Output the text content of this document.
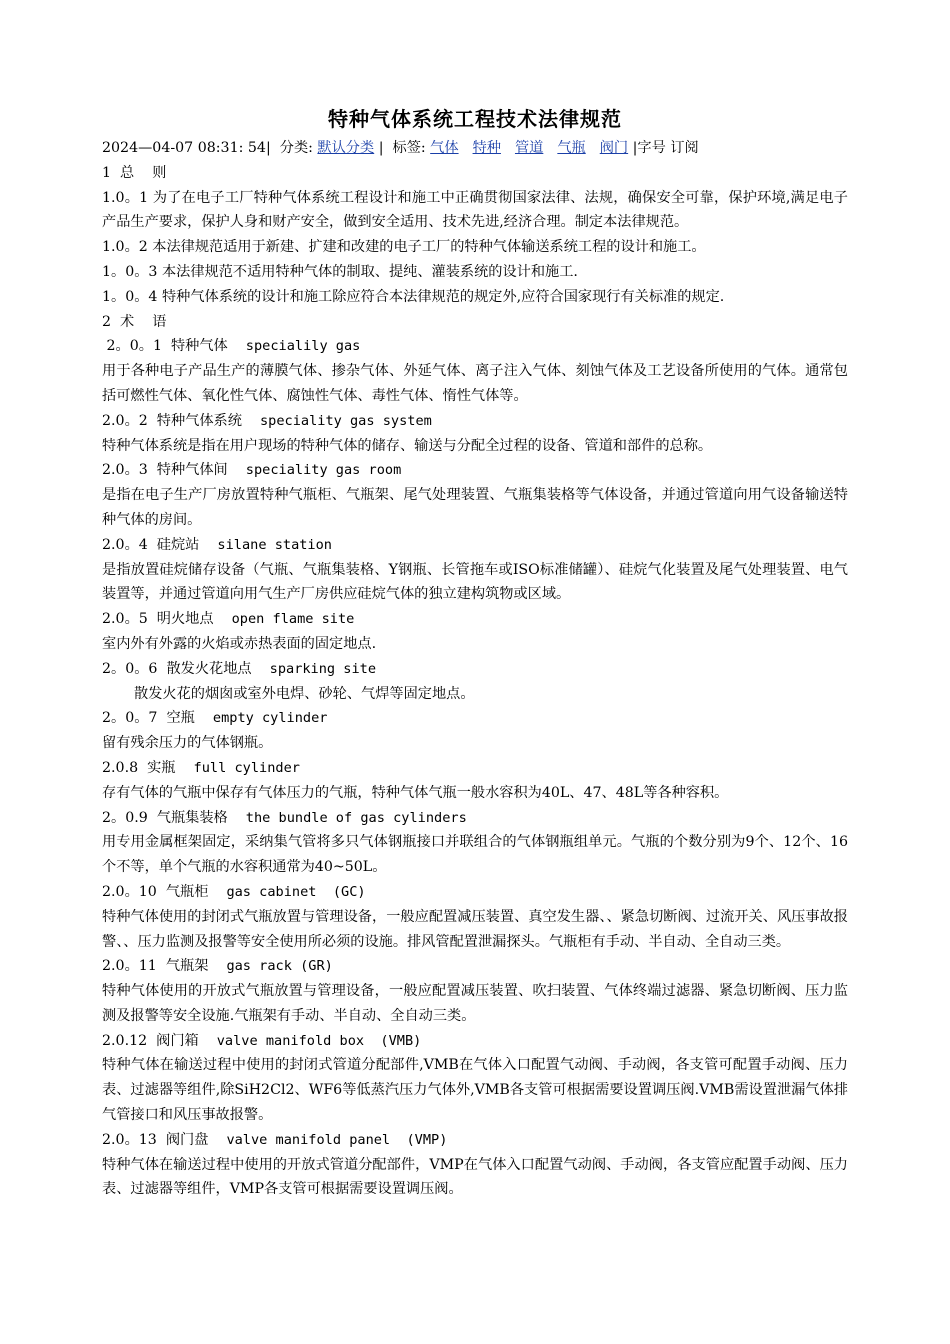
特种气体系统工程技术法律规范
2024—04-07 08:31: 54|  分类: 默认分类 |  标签: 气体 特种 管道 气瓶 阀门 |字号 订阅
1  总    则
1.0。1 为了在电子工厂特种气体系统工程设计和施工中正确贯彻国家法律、法规，确保安全可靠，保护环境,满足电子产品生产要求，保护人身和财产安全，做到安全适用、技术先进,经济合理。制定本法律规范。
1.0。2 本法律规范适用于新建、扩建和改建的电子工厂的特种气体输送系统工程的设计和施工。
1。0。3 本法律规范不适用特种气体的制取、提纯、灌装系统的设计和施工.
1。0。4 特种气体系统的设计和施工除应符合本法律规范的规定外,应符合国家现行有关标准的规定.
2  术    语
2。0。1  特种气体    specialily gas
用于各种电子产品生产的薄膜气体、掺杂气体、外延气体、离子注入气体、刻蚀气体及工艺设备所使用的气体。通常包括可燃性气体、氧化性气体、腐蚀性气体、毒性气体、惰性气体等。
2.0。2  特种气体系统    speciality gas system
特种气体系统是指在用户现场的特种气体的储存、输送与分配全过程的设备、管道和部件的总称。
2.0。3  特种气体间    speciality gas room
是指在电子生产厂房放置特种气瓶柜、气瓶架、尾气处理装置、气瓶集装格等气体设备，并通过管道向用气设备输送特种气体的房间。
2.0。4  硅烷站    silane station
是指放置硅烷储存设备（气瓶、气瓶集装格、Y钢瓶、长管拖车或ISO标准储罐）、硅烷气化装置及尾气处理装置、电气装置等，并通过管道向用气生产厂房供应硅烷气体的独立建构筑物或区域。
2.0。5  明火地点    open flame site
室内外有外露的火焰或赤热表面的固定地点.
2。0。6  散发火花地点    sparking site
散发火花的烟囱或室外电焊、砂轮、气焊等固定地点。
2。0。7  空瓶    empty cylinder
留有残余压力的气体钢瓶。
2.0.8  实瓶    full cylinder
存有气体的气瓶中保存有气体压力的气瓶，特种气体气瓶一般水容积为40L、47、48L等各种容积。
2。0.9  气瓶集装格    the bundle of gas cylinders
用专用金属框架固定，采纳集气管将多只气体钢瓶接口并联组合的气体钢瓶组单元。气瓶的个数分别为9个、12个、16个不等，单个气瓶的水容积通常为40~50L。
2.0。10  气瓶柜    gas cabinet  (GC)
特种气体使用的封闭式气瓶放置与管理设备，一般应配置减压装置、真空发生器、、紧急切断阀、过流开关、风压事故报警、、压力监测及报警等安全使用所必须的设施。排风管配置泄漏探头。气瓶柜有手动、半自动、全自动三类。
2.0。11  气瓶架    gas rack (GR)
特种气体使用的开放式气瓶放置与管理设备，一般应配置减压装置、吹扫装置、气体终端过滤器、紧急切断阀、压力监测及报警等安全设施.气瓶架有手动、半自动、全自动三类。
2.0.12  阀门箱    valve manifold box  (VMB)
特种气体在输送过程中使用的封闭式管道分配部件,VMB在气体入口配置气动阀、手动阀，各支管可配置手动阀、压力表、过滤器等组件,除SiH2Cl2、WF6等低蒸汽压力气体外,VMB各支管可根据需要设置调压阀.VMB需设置泄漏气体排气管接口和风压事故报警。
2.0。13  阀门盘    valve manifold panel  (VMP)
特种气体在输送过程中使用的开放式管道分配部件，VMP在气体入口配置气动阀、手动阀，各支管应配置手动阀、压力表、过滤器等组件，VMP各支管可根据需要设置调压阀。
